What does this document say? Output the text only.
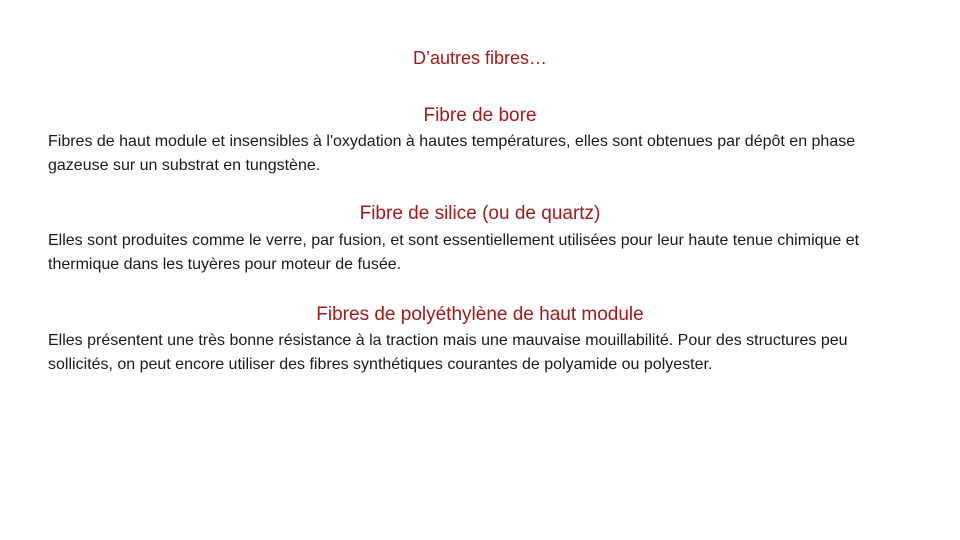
D’autres fibres…
Fibre de bore

Fibres de haut module et insensibles à l'oxydation à hautes températures, elles sont obtenues par dépôt en phase gazeuse sur un substrat en tungstène.

Fibre de silice (ou de quartz)

Elles sont produites comme le verre, par fusion, et sont essentiellement utilisées pour leur haute tenue chimique et thermique dans les tuyères pour moteur de fusée.

Fibres de polyéthylène de haut module

Elles présentent une très bonne résistance à la traction mais une mauvaise mouillabilité. Pour des structures peu sollicités, on peut encore utiliser des fibres synthétiques courantes de polyamide ou polyester.
